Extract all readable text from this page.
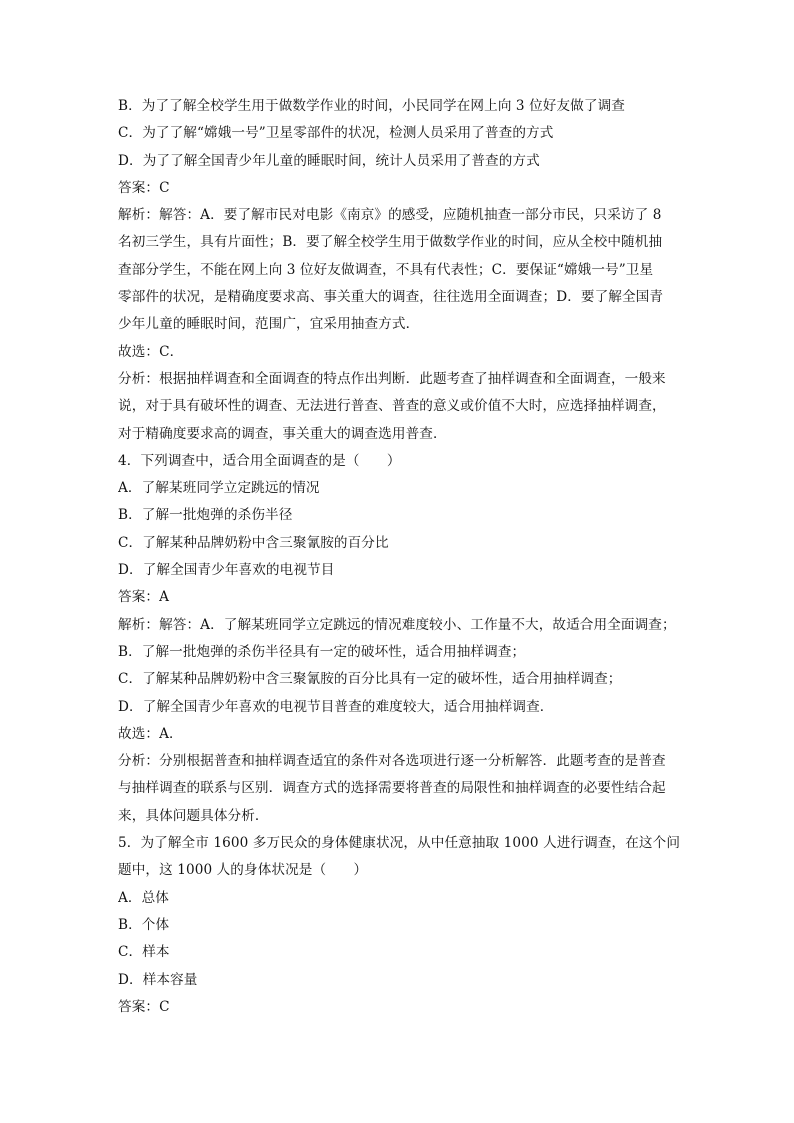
B．为了了解全校学生用于做数学作业的时间，小民同学在网上向 3 位好友做了调查
C．为了了解“嫦娥一号”卫星零部件的状况，检测人员采用了普查的方式
D．为了了解全国青少年儿童的睡眠时间，统计人员采用了普查的方式
答案：C
解析：解答：A．要了解市民对电影《南京》的感受，应随机抽查一部分市民，只采访了 8
名初三学生，具有片面性；B．要了解全校学生用于做数学作业的时间，应从全校中随机抽
查部分学生，不能在网上向 3 位好友做调查，不具有代表性；C．要保证“嫦娥一号”卫星
零部件的状况，是精确度要求高、事关重大的调查，往往选用全面调查；D．要了解全国青
少年儿童的睡眠时间，范围广，宜采用抽查方式．
故选：C．
分析：根据抽样调查和全面调查的特点作出判断．此题考查了抽样调查和全面调查，一般来
说，对于具有破坏性的调查、无法进行普查、普查的意义或价值不大时，应选择抽样调查，
对于精确度要求高的调查，事关重大的调查选用普查．
4．下列调查中，适合用全面调查的是（　　）
A．了解某班同学立定跳远的情况
B．了解一批炮弹的杀伤半径
C．了解某种品牌奶粉中含三聚氰胺的百分比
D．了解全国青少年喜欢的电视节目
答案：A
解析：解答：A．了解某班同学立定跳远的情况难度较小、工作量不大，故适合用全面调查；
B．了解一批炮弹的杀伤半径具有一定的破坏性，适合用抽样调查；
C．了解某种品牌奶粉中含三聚氰胺的百分比具有一定的破坏性，适合用抽样调查；
D．了解全国青少年喜欢的电视节目普查的难度较大，适合用抽样调查．
故选：A．
分析：分别根据普查和抽样调查适宜的条件对各选项进行逐一分析解答．此题考查的是普查
与抽样调查的联系与区别．调查方式的选择需要将普查的局限性和抽样调查的必要性结合起
来，具体问题具体分析．
5．为了解全市 1600 多万民众的身体健康状况，从中任意抽取 1000 人进行调查，在这个问
题中，这 1000 人的身体状况是（　　）
A．总体
B．个体
C．样本
D．样本容量
答案：C
